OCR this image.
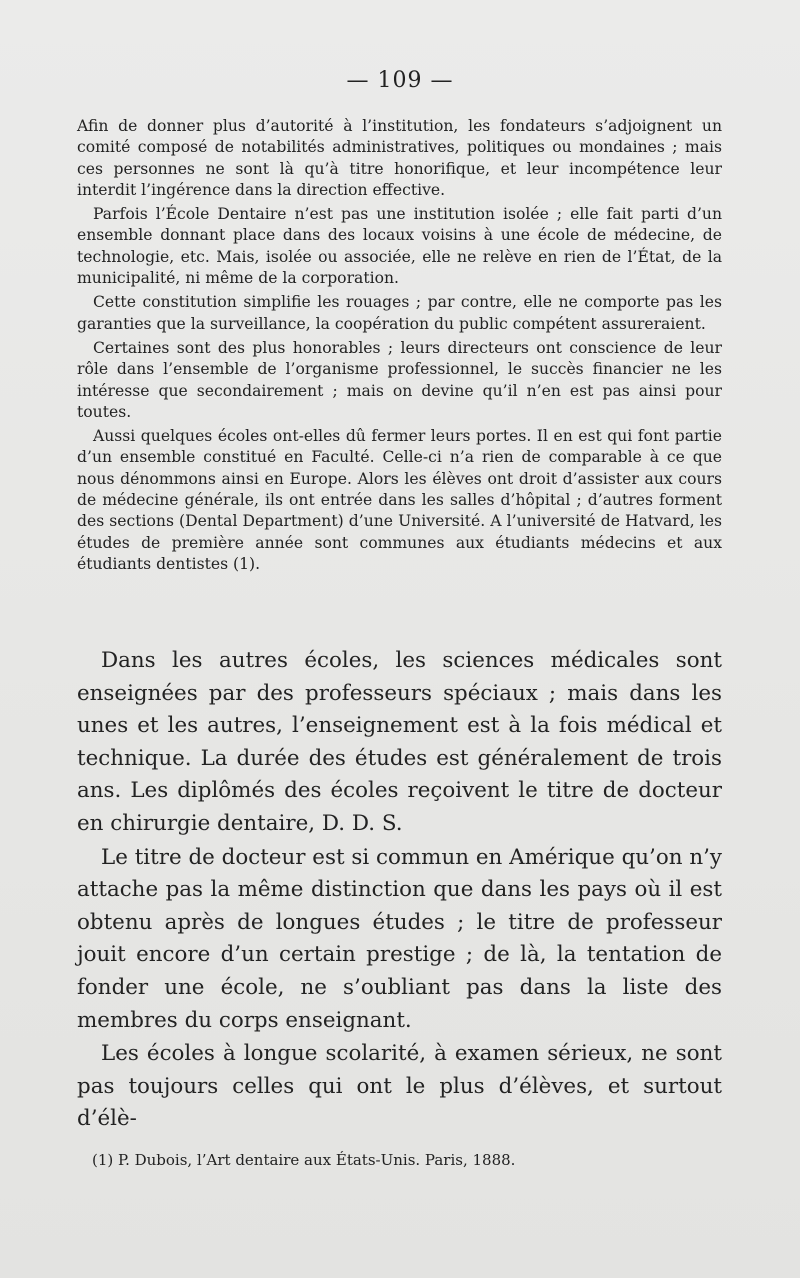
— 109 —

Afin de donner plus d’autorité à l’institution, les fondateurs s’adjoignent un comité composé de notabilités administratives, politiques ou mondaines ; mais ces personnes ne sont là qu’à titre honorifique, et leur incompétence leur interdit l’ingérence dans la direction effective.

Parfois l’École Dentaire n’est pas une institution isolée ; elle fait parti d’un ensemble donnant place dans des locaux voisins à une école de médecine, de technologie, etc. Mais, isolée ou associée, elle ne relève en rien de l’État, de la municipalité, ni même de la corporation.

Cette constitution simplifie les rouages ; par contre, elle ne comporte pas les garanties que la surveillance, la coopération du public compétent assureraient.

Certaines sont des plus honorables ; leurs directeurs ont conscience de leur rôle dans l’ensemble de l’organisme professionnel, le succès financier ne les intéresse que secondairement ; mais on devine qu’il n’en est pas ainsi pour toutes.

Aussi quelques écoles ont-elles dû fermer leurs portes. Il en est qui font partie d’un ensemble constitué en Faculté. Celle-ci n’a rien de comparable à ce que nous dénommons ainsi en Europe. Alors les élèves ont droit d’assister aux cours de médecine générale, ils ont entrée dans les salles d’hôpital ; d’autres forment des sections (Dental Department) d’une Université. A l’université de Hatvard, les études de première année sont communes aux étudiants médecins et aux étudiants dentistes (1).

Dans les autres écoles, les sciences médicales sont enseignées par des professeurs spéciaux ; mais dans les unes et les autres, l’enseignement est à la fois médical et technique. La durée des études est généralement de trois ans. Les diplômés des écoles reçoivent le titre de docteur en chirurgie dentaire, D. D. S.

Le titre de docteur est si commun en Amérique qu’on n’y attache pas la même distinction que dans les pays où il est obtenu après de longues études ; le titre de professeur jouit encore d’un certain prestige ; de là, la tentation de fonder une école, ne s’oubliant pas dans la liste des membres du corps enseignant.

Les écoles à longue scolarité, à examen sérieux, ne sont pas toujours celles qui ont le plus d’élèves, et surtout d’élè-

(1) P. Dubois, l’Art dentaire aux États-Unis. Paris, 1888.
